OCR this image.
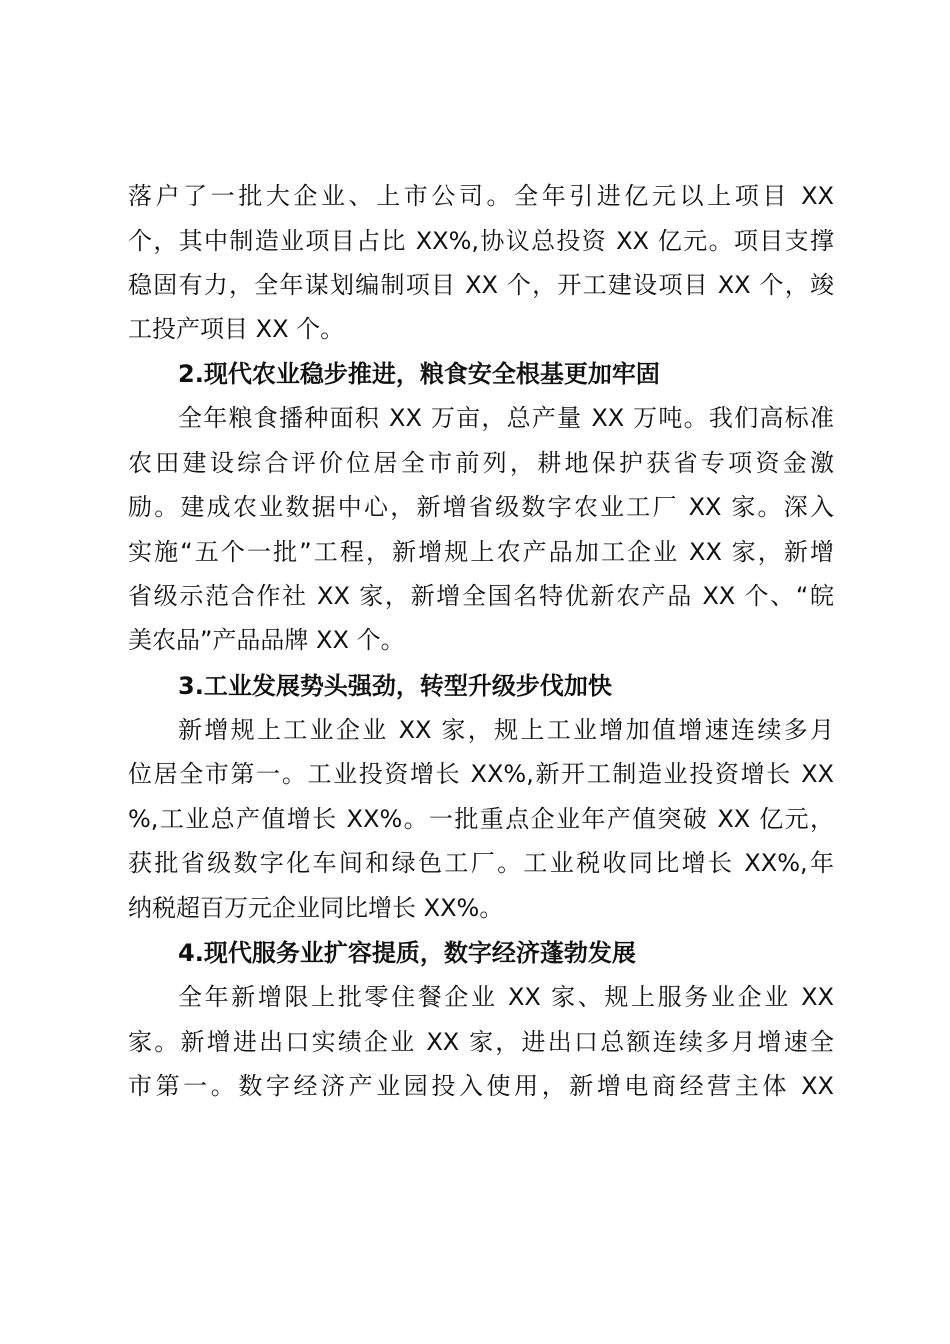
落户了一批大企业、上市公司。全年引进亿元以上项目 XX
个，其中制造业项目占比 XX%,协议总投资 XX 亿元。项目支撑
稳固有力，全年谋划编制项目 XX 个，开工建设项目 XX 个，竣
工投产项目 XX 个。
2.现代农业稳步推进，粮食安全根基更加牢固
全年粮食播种面积 XX 万亩，总产量 XX 万吨。我们高标准
农田建设综合评价位居全市前列，耕地保护获省专项资金激
励。建成农业数据中心，新增省级数字农业工厂 XX 家。深入
实施“五个一批”工程，新增规上农产品加工企业 XX 家，新增
省级示范合作社 XX 家，新增全国名特优新农产品 XX 个、“皖
美农品”产品品牌 XX 个。
3.工业发展势头强劲，转型升级步伐加快
新增规上工业企业 XX 家，规上工业增加值增速连续多月
位居全市第一。工业投资增长 XX%,新开工制造业投资增长 XX
%,工业总产值增长 XX%。一批重点企业年产值突破 XX 亿元，
获批省级数字化车间和绿色工厂。工业税收同比增长 XX%,年
纳税超百万元企业同比增长 XX%。
4.现代服务业扩容提质，数字经济蓬勃发展
全年新增限上批零住餐企业 XX 家、规上服务业企业 XX
家。新增进出口实绩企业 XX 家，进出口总额连续多月增速全
市第一。数字经济产业园投入使用，新增电商经营主体 XX
